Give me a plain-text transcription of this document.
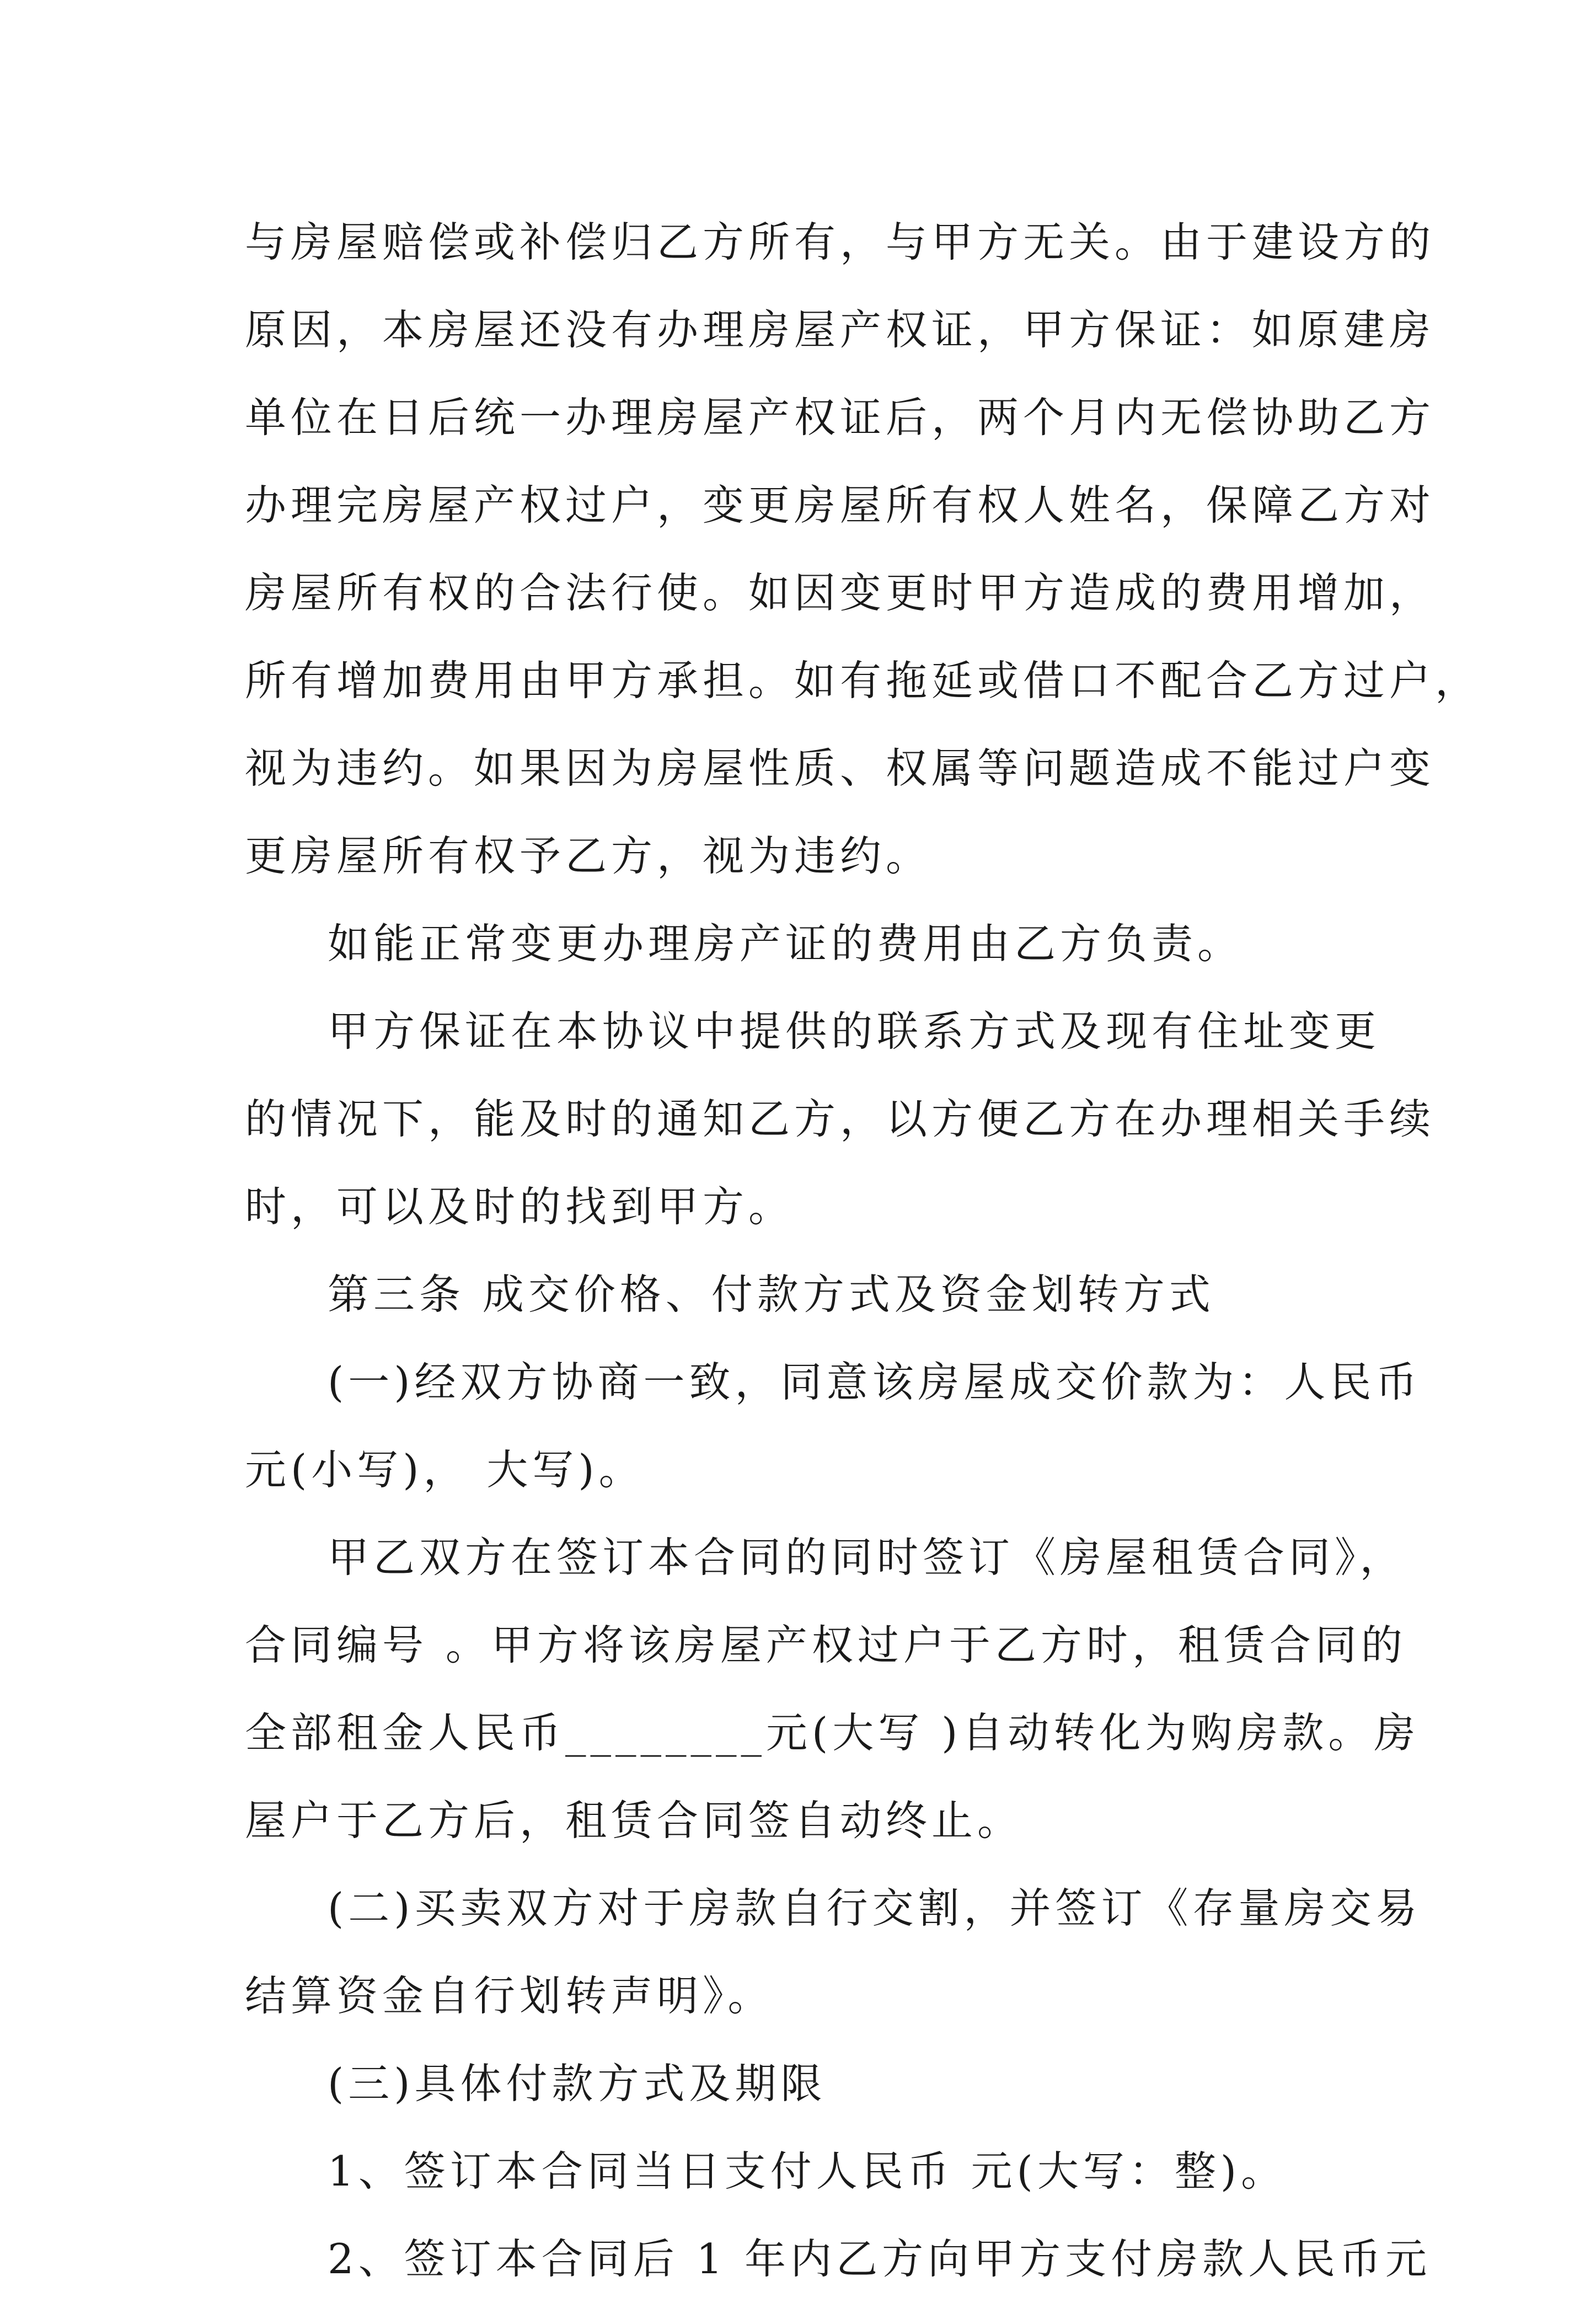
与房屋赔偿或补偿归乙方所有，与甲方无关。由于建设方的
原因，本房屋还没有办理房屋产权证，甲方保证：如原建房
单位在日后统一办理房屋产权证后，两个月内无偿协助乙方
办理完房屋产权过户，变更房屋所有权人姓名，保障乙方对
房屋所有权的合法行使。如因变更时甲方造成的费用增加，
所有增加费用由甲方承担。如有拖延或借口不配合乙方过户，
视为违约。如果因为房屋性质、权属等问题造成不能过户变
更房屋所有权予乙方，视为违约。
如能正常变更办理房产证的费用由乙方负责。
甲方保证在本协议中提供的联系方式及现有住址变更
的情况下，能及时的通知乙方，以方便乙方在办理相关手续
时，可以及时的找到甲方。
第三条 成交价格、付款方式及资金划转方式
(一)经双方协商一致，同意该房屋成交价款为：人民币
元(小写)， 大写)。
甲乙双方在签订本合同的同时签订《房屋租赁合同》，
合同编号 。甲方将该房屋产权过户于乙方时，租赁合同的
全部租金人民币________元(大写 )自动转化为购房款。房
屋户于乙方后，租赁合同签自动终止。
(二)买卖双方对于房款自行交割，并签订《存量房交易
结算资金自行划转声明》。
(三)具体付款方式及期限
1、签订本合同当日支付人民币 元(大写：整)。
2、签订本合同后 1 年内乙方向甲方支付房款人民币元
